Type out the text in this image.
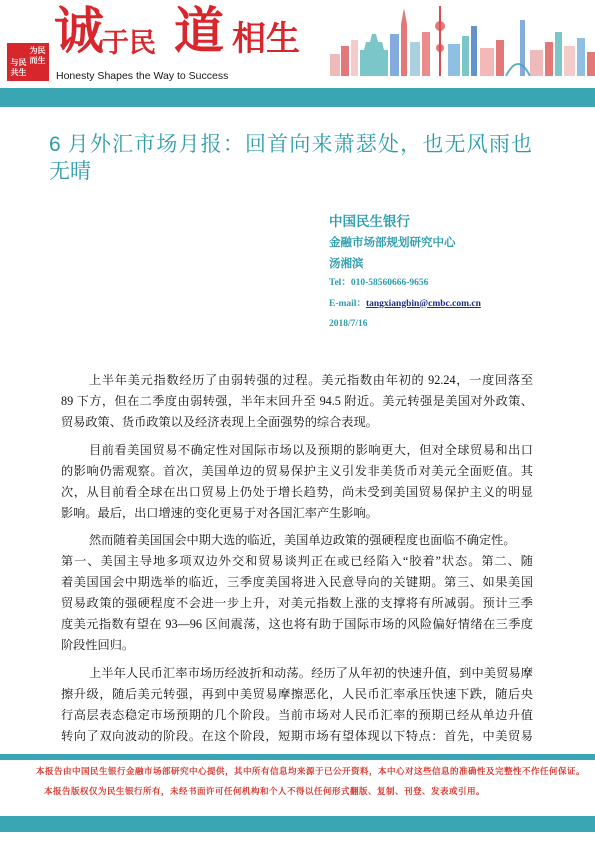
为民
而生
与民
共生
诚
于民 道 相生
Honesty Shapes the Way to Success
6 月外汇市场月报：回首向来萧瑟处，也无风雨也
无晴
中国民生银行
金融市场部规划研究中心
汤湘滨
Tel：010-58560666-9656
E-mail：tangxiangbin@cmbc.com.cn
2018/7/16
上半年美元指数经历了由弱转强的过程。美元指数由年初的 92.24，一度回落至
89 下方，但在二季度由弱转强，半年末回升至 94.5 附近。美元转强是美国对外政策、
贸易政策、货币政策以及经济表现上全面强势的综合表现。
目前看美国贸易不确定性对国际市场以及预期的影响更大，但对全球贸易和出口
的影响仍需观察。首次，美国单边的贸易保护主义引发非美货币对美元全面贬值。其
次，从目前看全球在出口贸易上仍处于增长趋势，尚未受到美国贸易保护主义的明显
影响。最后，出口增速的变化更易于对各国汇率产生影响。
然而随着美国国会中期大选的临近，美国单边政策的强硬程度也面临不确定性。
第一、美国主导地多项双边外交和贸易谈判正在或已经陷入“胶着”状态。第二、随
着美国国会中期选举的临近，三季度美国将进入民意导向的关键期。第三、如果美国
贸易政策的强硬程度不会进一步上升，对美元指数上涨的支撑将有所减弱。预计三季
度美元指数有望在 93—96 区间震荡，这也将有助于国际市场的风险偏好情绪在三季度
阶段性回归。
上半年人民币汇率市场历经波折和动荡。经历了从年初的快速升值，到中美贸易摩
擦升级，随后美元转强，再到中美贸易摩擦恶化，人民币汇率承压快速下跌，随后央
行高层表态稳定市场预期的几个阶段。当前市场对人民币汇率的预期已经从单边升值
转向了双向波动的阶段。在这个阶段，短期市场有望体现以下特点：首先，中美贸易
本报告由中国民生银行金融市场部研究中心提供，其中所有信息均来源于已公开资料，本中心对这些信息的准确性及完整性不作任何保证。
本报告版权仅为民生银行所有，未经书面许可任何机构和个人不得以任何形式翻版、复制、刊登、发表或引用。
